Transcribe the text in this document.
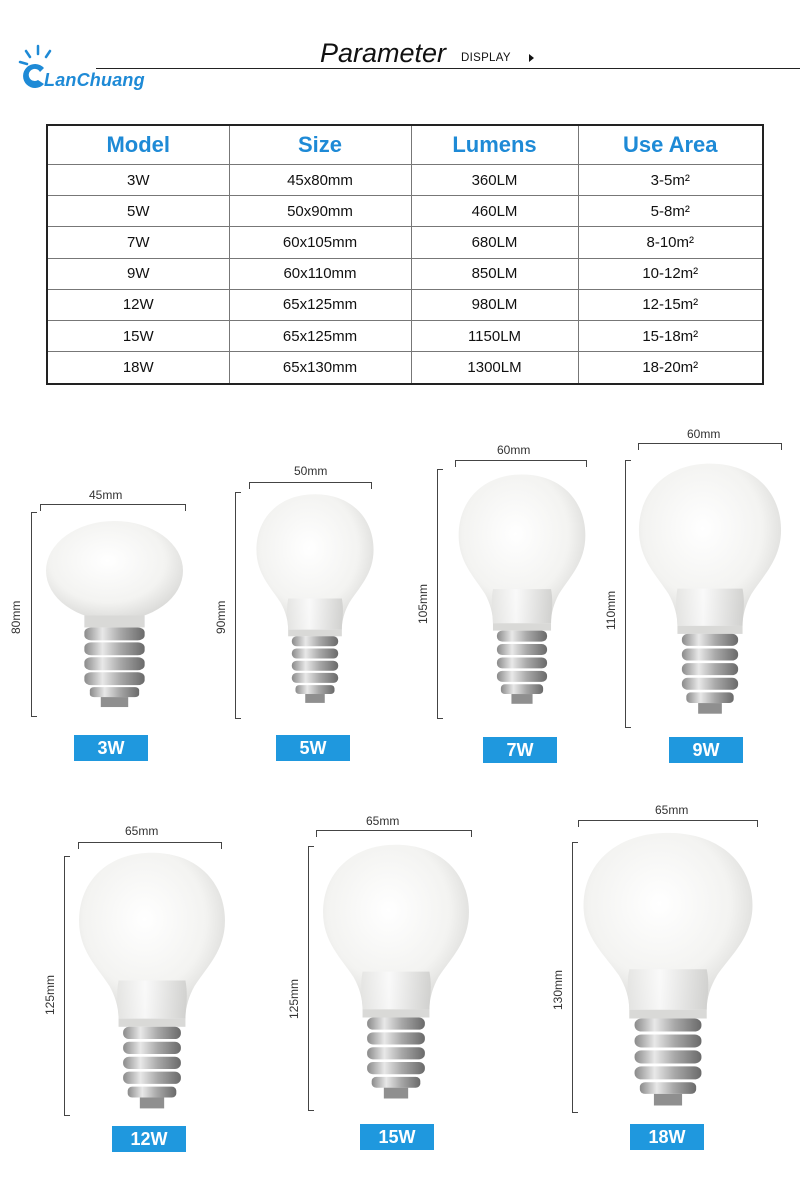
LanChuang
Parameter DISPLAY
Model	Size	Lumens	Use Area
3W	45x80mm	360LM	3-5m²
5W	50x90mm	460LM	5-8m²
7W	60x105mm	680LM	8-10m²
9W	60x110mm	850LM	10-12m²
12W	65x125mm	980LM	12-15m²
15W	65x125mm	1150LM	15-18m²
18W	65x130mm	1300LM	18-20m²
45mm
80mm
3W
50mm
90mm
5W
60mm
105mm
7W
60mm
110mm
9W
65mm
125mm
12W
65mm
125mm
15W
65mm
130mm
18W
